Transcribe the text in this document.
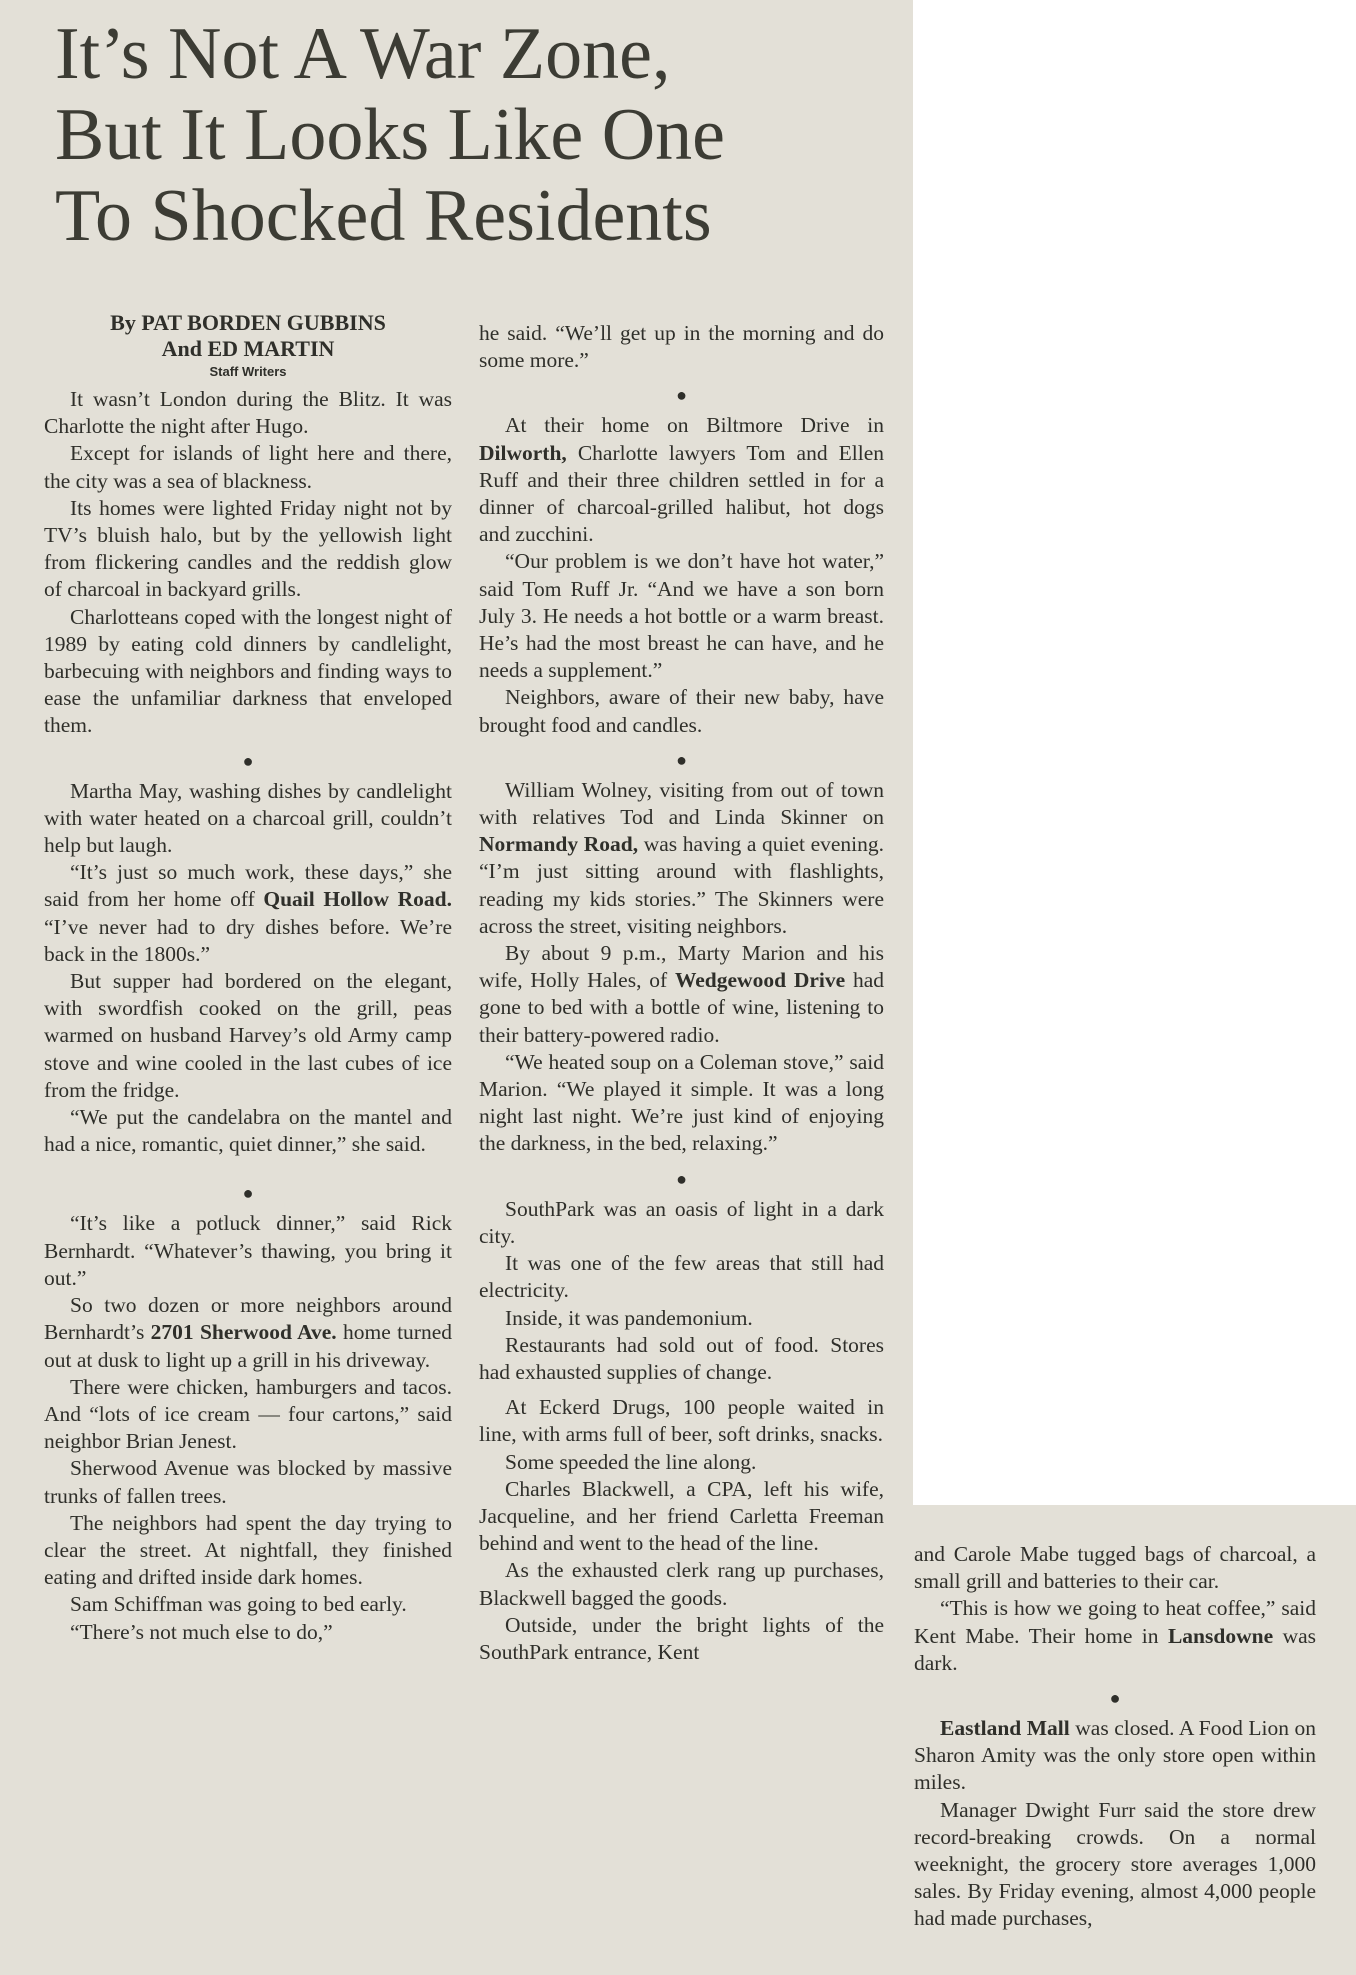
It’s Not A War Zone,
But It Looks Like One
To Shocked Residents
By PAT BORDEN GUBBINS
And ED MARTIN
Staff Writers

It wasn’t London during the Blitz. It was Charlotte the night after Hugo.

Except for islands of light here and there, the city was a sea of blackness.

Its homes were lighted Friday night not by TV’s bluish halo, but by the yellowish light from flickering candles and the reddish glow of charcoal in backyard grills.

Charlotteans coped with the longest night of 1989 by eating cold dinners by candlelight, barbecuing with neighbors and finding ways to ease the unfamiliar darkness that enveloped them.

●

Martha May, washing dishes by candlelight with water heated on a charcoal grill, couldn’t help but laugh.

“It’s just so much work, these days,” she said from her home off Quail Hollow Road. “I’ve never had to dry dishes before. We’re back in the 1800s.”

But supper had bordered on the elegant, with swordfish cooked on the grill, peas warmed on husband Harvey’s old Army camp stove and wine cooled in the last cubes of ice from the fridge.

“We put the candelabra on the mantel and had a nice, romantic, quiet dinner,” she said.

●

“It’s like a potluck dinner,” said Rick Bernhardt. “Whatever’s thawing, you bring it out.”

So two dozen or more neighbors around Bernhardt’s 2701 Sherwood Ave. home turned out at dusk to light up a grill in his driveway.

There were chicken, hamburgers and tacos. And “lots of ice cream — four cartons,” said neighbor Brian Jenest.

Sherwood Avenue was blocked by massive trunks of fallen trees.

The neighbors had spent the day trying to clear the street. At nightfall, they finished eating and drifted inside dark homes.

Sam Schiffman was going to bed early.

“There’s not much else to do,”

he said. “We’ll get up in the morning and do some more.”

●

At their home on Biltmore Drive in Dilworth, Charlotte lawyers Tom and Ellen Ruff and their three children settled in for a dinner of charcoal-grilled halibut, hot dogs and zucchini.

“Our problem is we don’t have hot water,” said Tom Ruff Jr. “And we have a son born July 3. He needs a hot bottle or a warm breast. He’s had the most breast he can have, and he needs a supplement.”

Neighbors, aware of their new baby, have brought food and candles.

●

William Wolney, visiting from out of town with relatives Tod and Linda Skinner on Normandy Road, was having a quiet evening. “I’m just sitting around with flashlights, reading my kids stories.” The Skinners were across the street, visiting neighbors.

By about 9 p.m., Marty Marion and his wife, Holly Hales, of Wedgewood Drive had gone to bed with a bottle of wine, listening to their battery-powered radio.

“We heated soup on a Coleman stove,” said Marion. “We played it simple. It was a long night last night. We’re just kind of enjoying the darkness, in the bed, relaxing.”

●

SouthPark was an oasis of light in a dark city.

It was one of the few areas that still had electricity.

Inside, it was pandemonium.

Restaurants had sold out of food. Stores had exhausted supplies of change.

At Eckerd Drugs, 100 people waited in line, with arms full of beer, soft drinks, snacks.

Some speeded the line along.

Charles Blackwell, a CPA, left his wife, Jacqueline, and her friend Carletta Freeman behind and went to the head of the line.

As the exhausted clerk rang up purchases, Blackwell bagged the goods.

Outside, under the bright lights of the SouthPark entrance, Kent

and Carole Mabe tugged bags of charcoal, a small grill and batteries to their car.

“This is how we going to heat coffee,” said Kent Mabe. Their home in Lansdowne was dark.

●

Eastland Mall was closed. A Food Lion on Sharon Amity was the only store open within miles.

Manager Dwight Furr said the store drew record-breaking crowds. On a normal weeknight, the grocery store averages 1,000 sales. By Friday evening, almost 4,000 people had made purchases,
